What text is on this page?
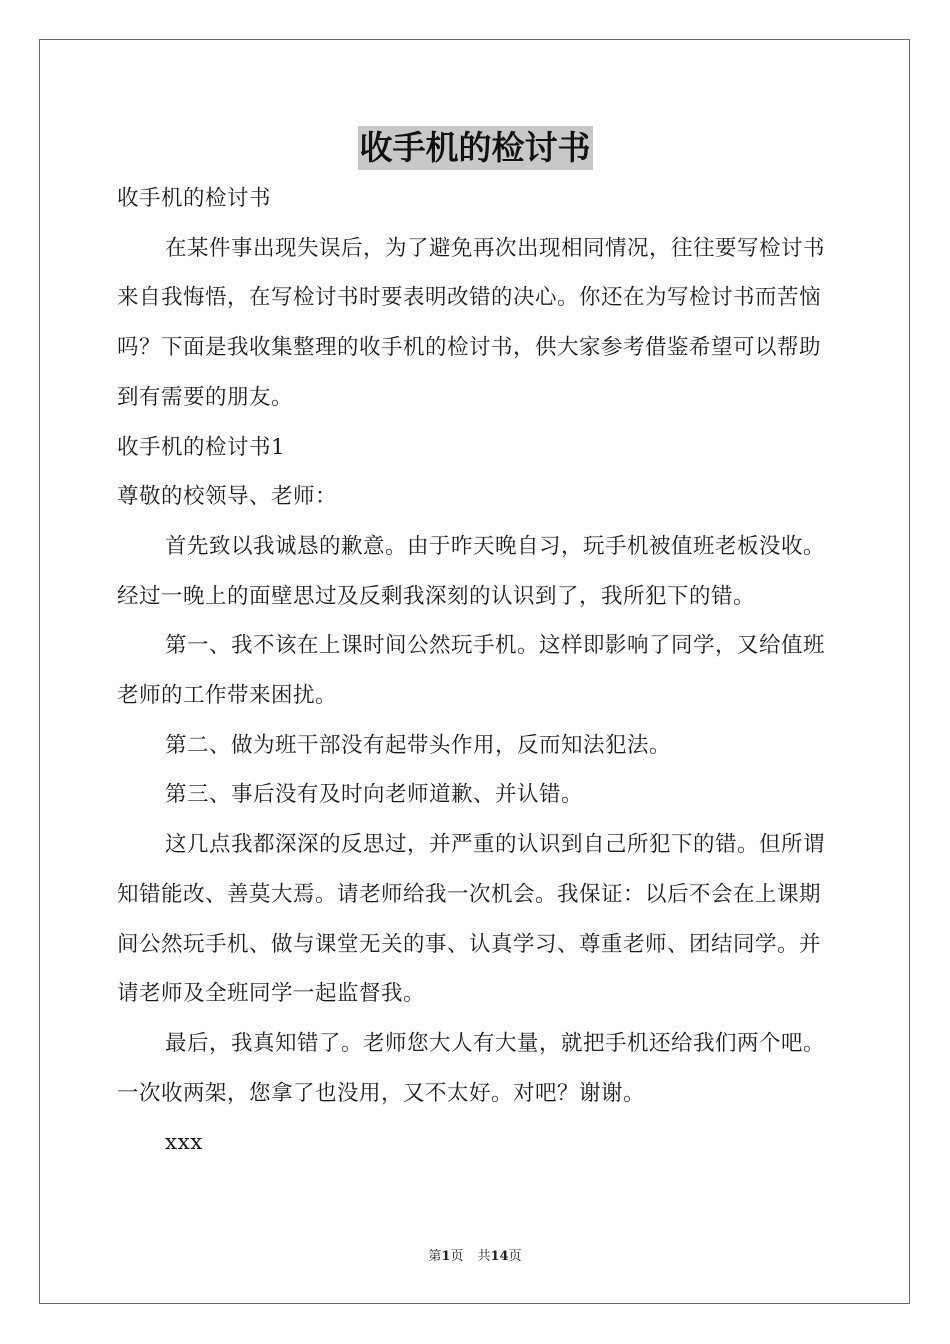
收手机的检讨书

收手机的检讨书

在某件事出现失误后，为了避免再次出现相同情况，往往要写检讨书来自我悔悟，在写检讨书时要表明改错的决心。你还在为写检讨书而苦恼吗？下面是我收集整理的收手机的检讨书，供大家参考借鉴希望可以帮助到有需要的朋友。

收手机的检讨书1

尊敬的校领导、老师：

首先致以我诚恳的歉意。由于昨天晚自习，玩手机被值班老板没收。经过一晚上的面壁思过及反剩我深刻的认识到了，我所犯下的错。

第一、我不该在上课时间公然玩手机。这样即影响了同学，又给值班老师的工作带来困扰。

第二、做为班干部没有起带头作用，反而知法犯法。

第三、事后没有及时向老师道歉、并认错。

这几点我都深深的反思过，并严重的认识到自己所犯下的错。但所谓知错能改、善莫大焉。请老师给我一次机会。我保证：以后不会在上课期间公然玩手机、做与课堂无关的事、认真学习、尊重老师、团结同学。并请老师及全班同学一起监督我。

最后，我真知错了。老师您大人有大量，就把手机还给我们两个吧。一次收两架，您拿了也没用，又不太好。对吧？谢谢。

xxx

第1页 共14页
